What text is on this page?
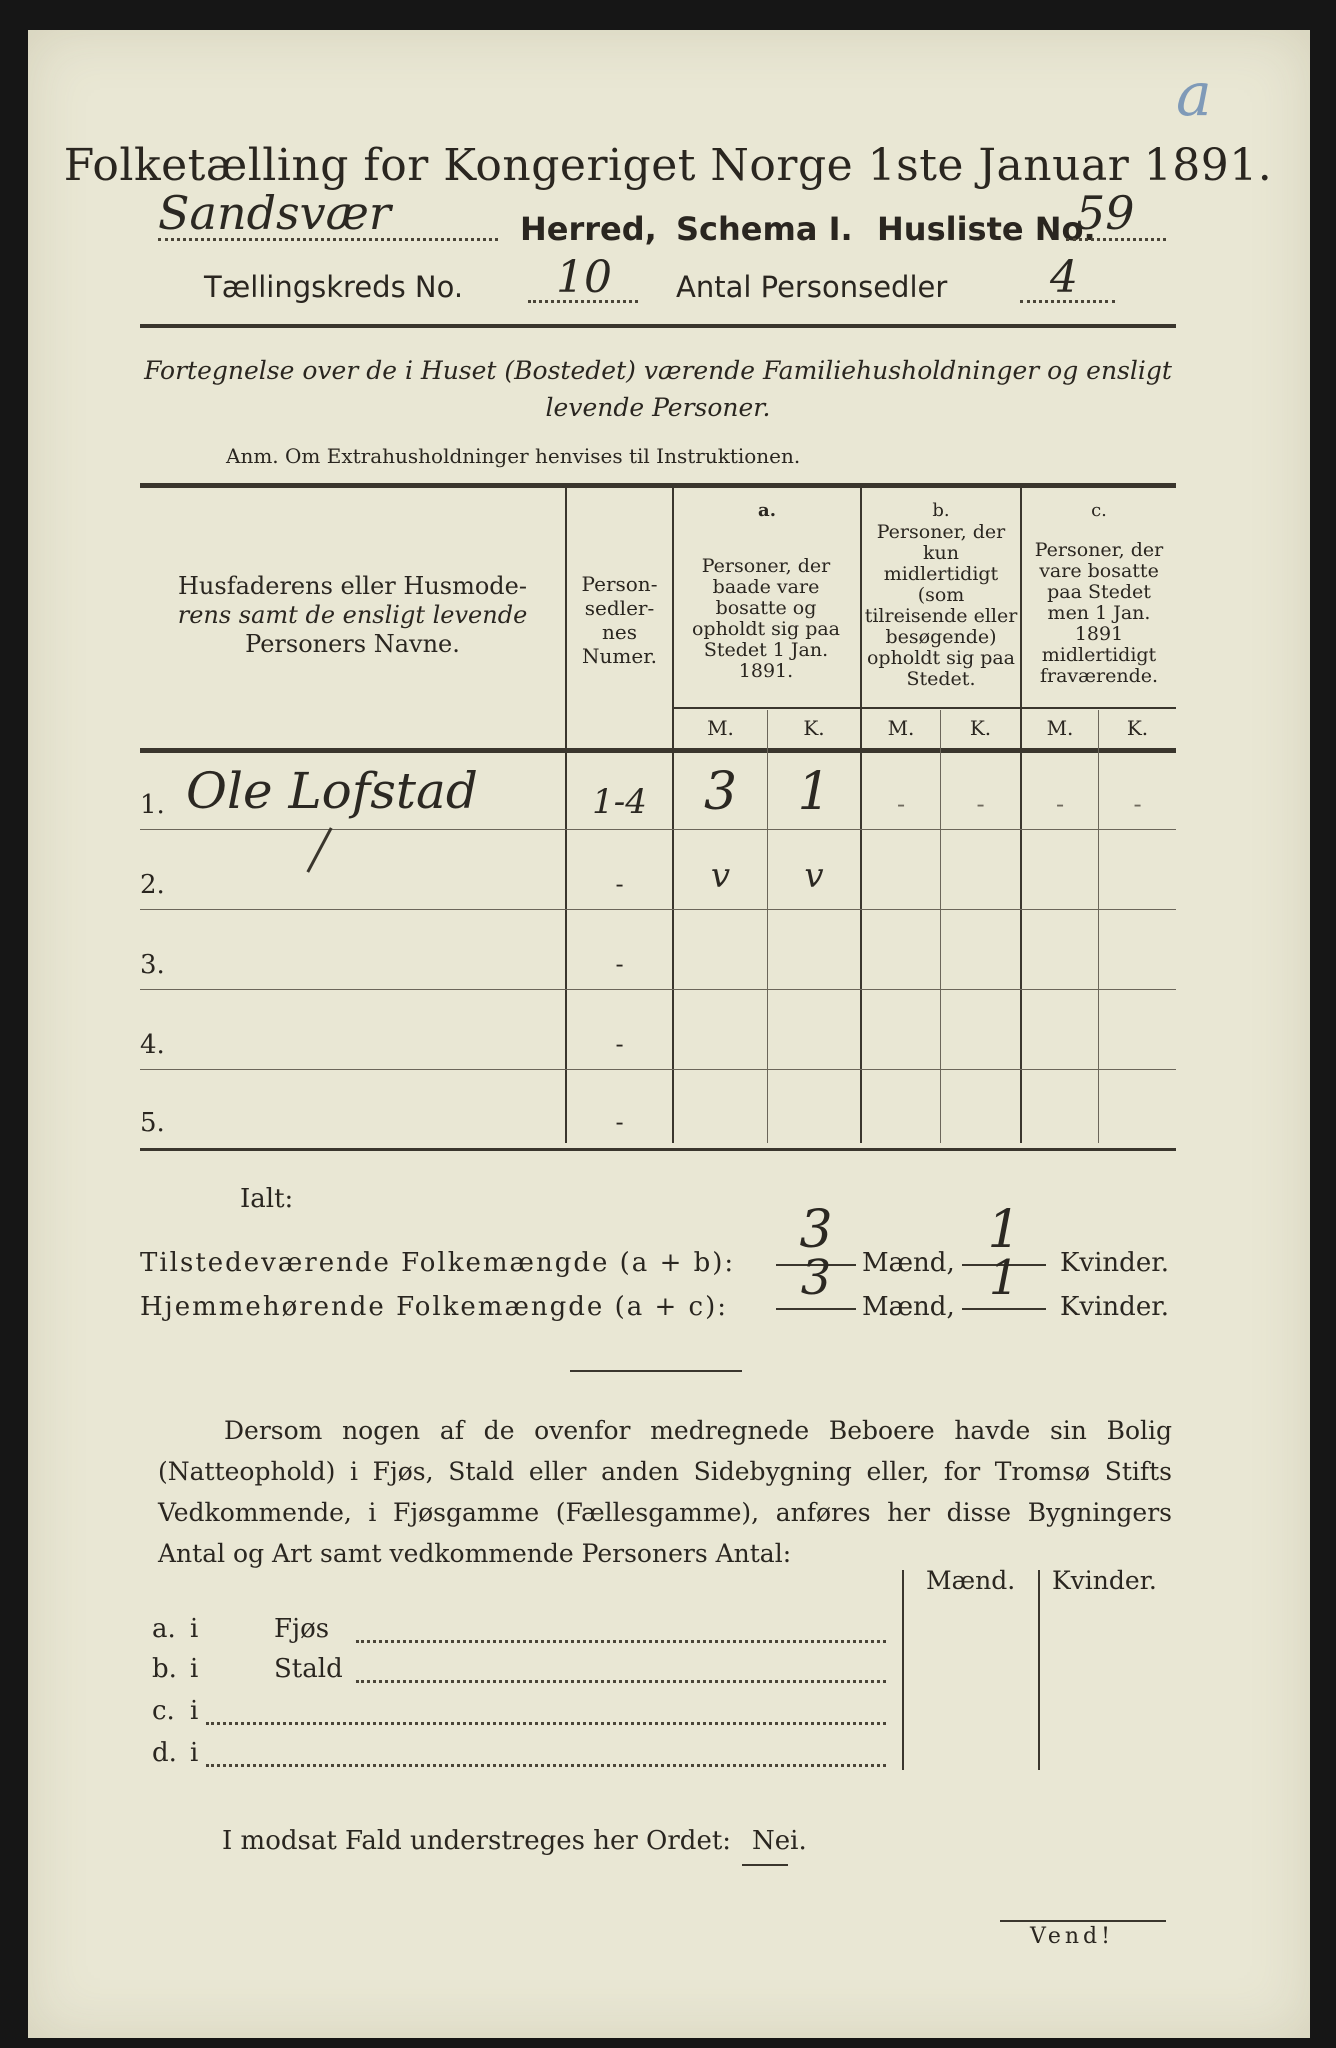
a
Folketælling for Kongeriget Norge 1ste Januar 1891.
Sandsvær	Herred, Schema I. Husliste No.
59
Tællingskreds No. 10 Antal Personsedler 4
Fortegnelse over de i Huset (Bostedet) værende Familiehusholdninger og ensligt
levende Personer.
Anm. Om Extrahusholdninger henvises til Instruktionen.
Husfaderens eller Husmode-
rens samt de ensligt levende
Personers Navne.
Person-
sedler-
nes
Numer.
a.
Personer, der baade vare bosatte og opholdt sig paa Stedet 1 Jan. 1891.
b.
Personer, der kun midlertidigt (som tilreisende eller besøgende) opholdt sig paa Stedet.
c.
Personer, der vare bosatte paa Stedet men 1 Jan. 1891 midlertidigt fraværende.
M.	K.	M.	K.	M.	K.
1. Ole Lofstad	1-4	3	1	-	-	-	-
2.	-	v	v
3.	-
4.	-
5.	-
Ialt:
Tilstedeværende Folkemængde (a + b):
3
Mænd,
1
Kvinder.
Hjemmehørende Folkemængde (a + c):
3
Mænd,
1
Kvinder.
Dersom nogen af de ovenfor medregnede Beboere havde sin Bolig (Natteophold) i Fjøs, Stald eller anden Sidebygning eller, for Tromsø Stifts Vedkommende, i Fjøsgamme (Fællesgamme), anføres her disse Bygningers Antal og Art samt vedkommende Personers Antal:
Mænd. Kvinder.
a. i	Fjøs
b. i	Stald
c. i
d. i
I modsat Fald understreges her Ordet: Nei.
Vend!
